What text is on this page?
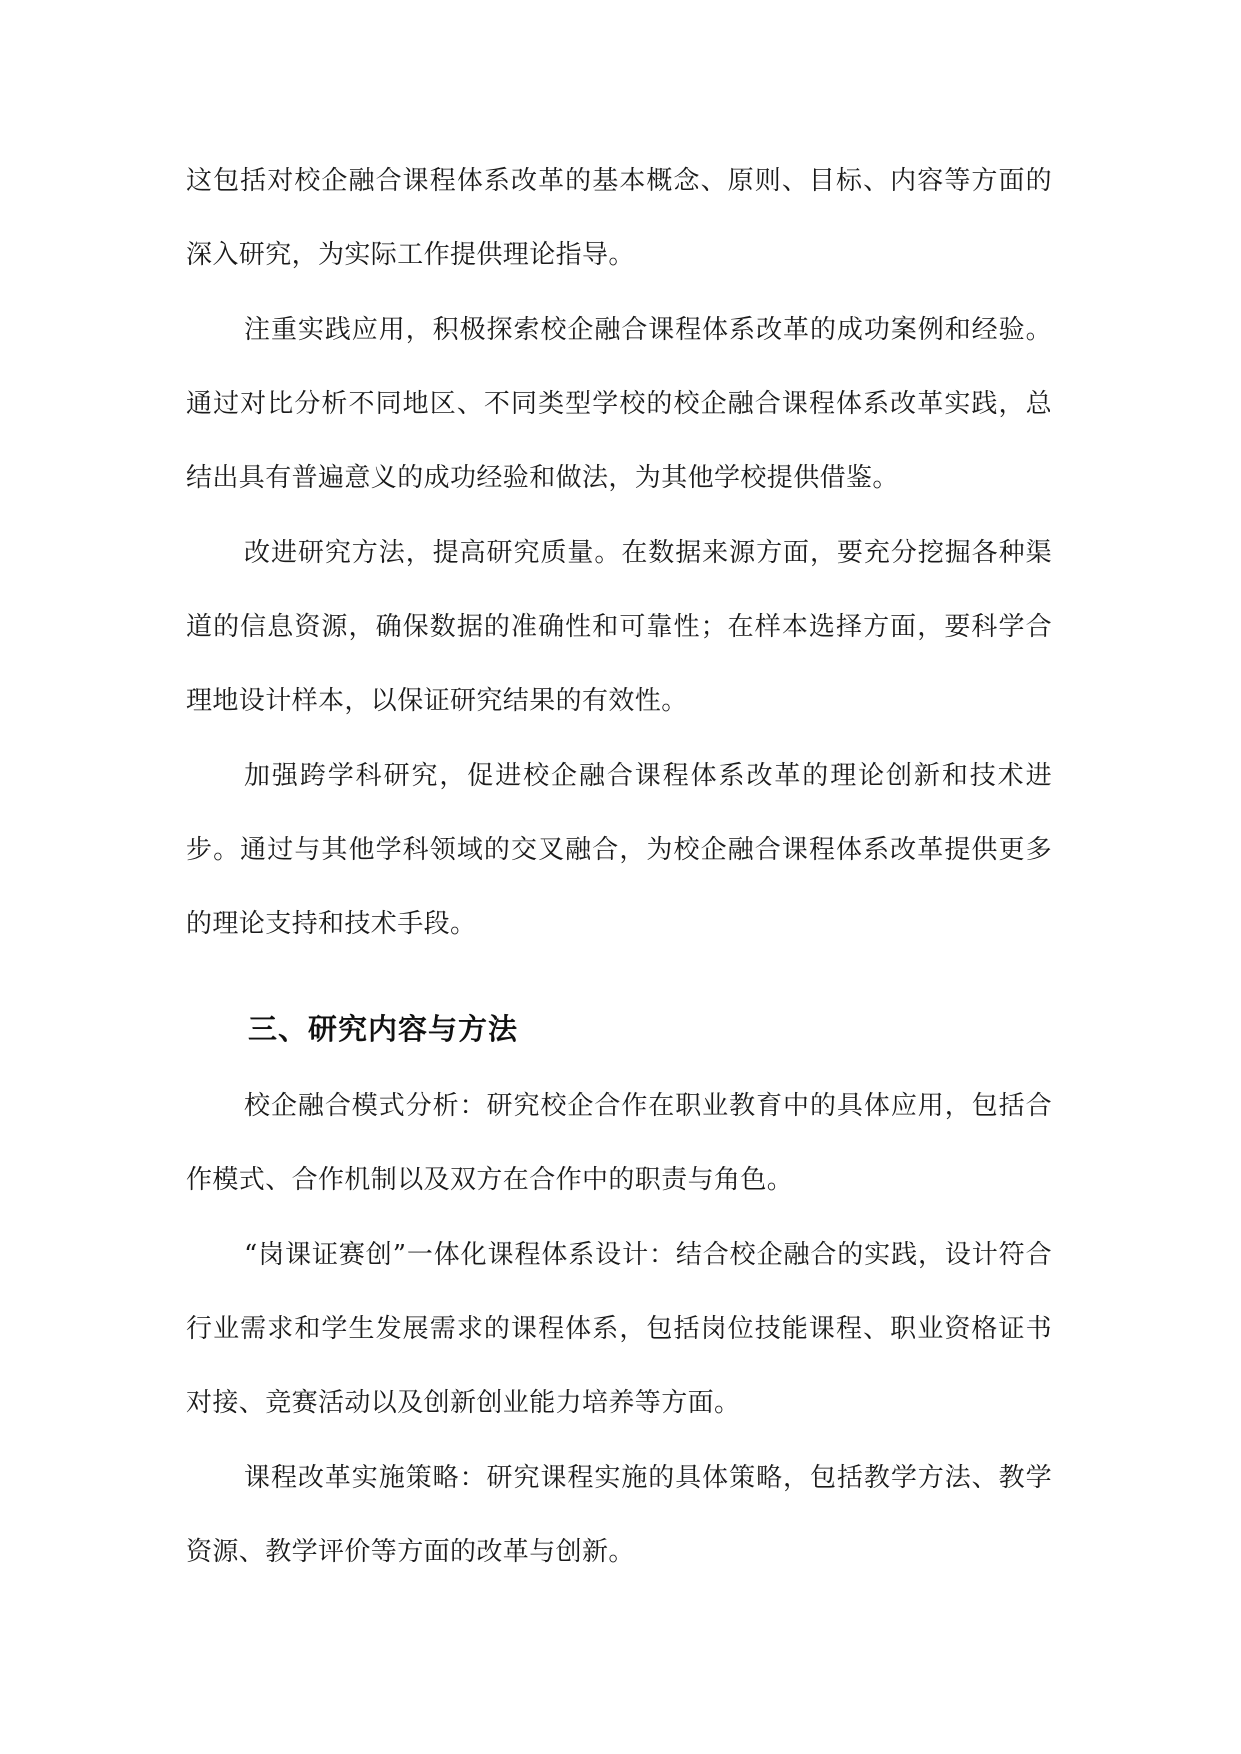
这包括对校企融合课程体系改革的基本概念、原则、目标、内容等方面的深入研究，为实际工作提供理论指导。

注重实践应用，积极探索校企融合课程体系改革的成功案例和经验。通过对比分析不同地区、不同类型学校的校企融合课程体系改革实践，总结出具有普遍意义的成功经验和做法，为其他学校提供借鉴。

改进研究方法，提高研究质量。在数据来源方面，要充分挖掘各种渠道的信息资源，确保数据的准确性和可靠性；在样本选择方面，要科学合理地设计样本，以保证研究结果的有效性。

加强跨学科研究，促进校企融合课程体系改革的理论创新和技术进步。通过与其他学科领域的交叉融合，为校企融合课程体系改革提供更多的理论支持和技术手段。

三、研究内容与方法

校企融合模式分析：研究校企合作在职业教育中的具体应用，包括合作模式、合作机制以及双方在合作中的职责与角色。

“岗课证赛创”一体化课程体系设计：结合校企融合的实践，设计符合行业需求和学生发展需求的课程体系，包括岗位技能课程、职业资格证书对接、竞赛活动以及创新创业能力培养等方面。

课程改革实施策略：研究课程实施的具体策略，包括教学方法、教学资源、教学评价等方面的改革与创新。
